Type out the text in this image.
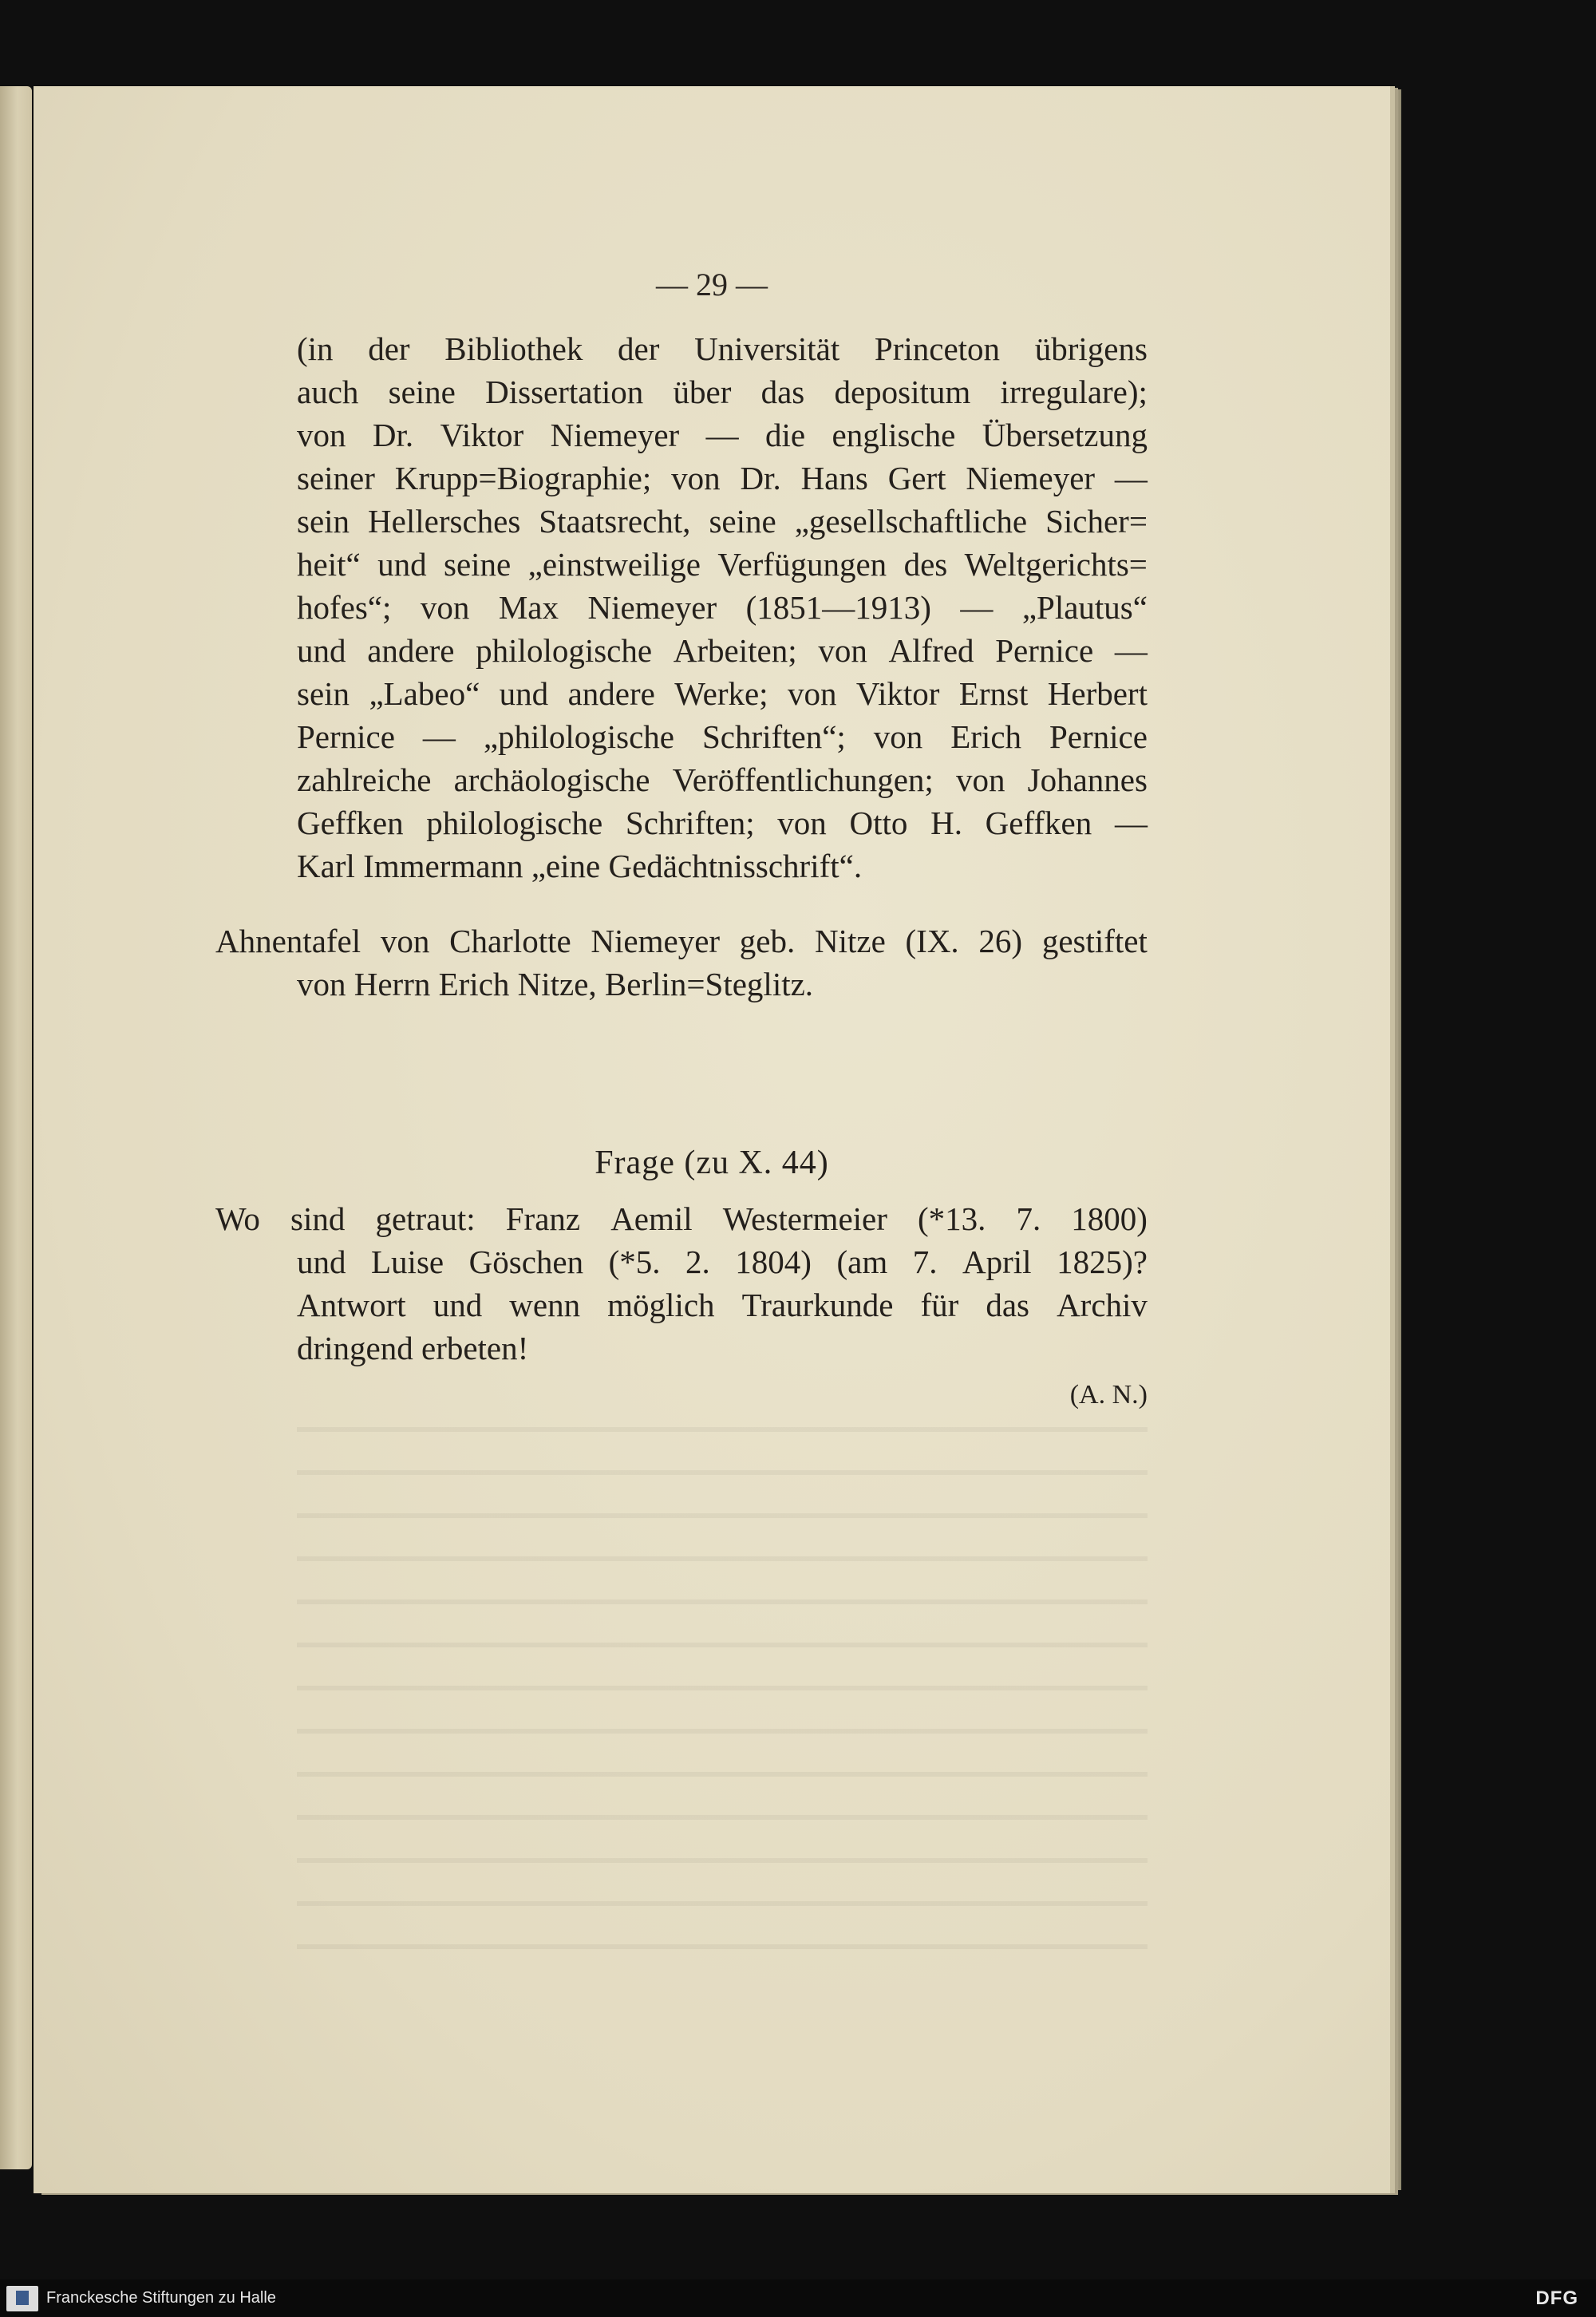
— 29 —
(in der Bibliothek der Universität Princeton übrigens
auch seine Dissertation über das depositum irregulare);
von Dr. Viktor Niemeyer — die englische Übersetzung
seiner Krupp=Biographie; von Dr. Hans Gert Niemeyer —
sein Hellersches Staatsrecht, seine „gesellschaftliche Sicher=
heit“ und seine „einstweilige Verfügungen des Weltgerichts=
hofes“; von Max Niemeyer (1851—1913) — „Plautus“
und andere philologische Arbeiten; von Alfred Pernice —
sein „Labeo“ und andere Werke; von Viktor Ernst Herbert
Pernice — „philologische Schriften“; von Erich Pernice
zahlreiche archäologische Veröffentlichungen; von Johannes
Geffken philologische Schriften; von Otto H. Geffken —
Karl Immermann „eine Gedächtnisschrift“.
Ahnentafel von Charlotte Niemeyer geb. Nitze (IX. 26) gestiftet
von Herrn Erich Nitze, Berlin=Steglitz.
Frage (zu X. 44)
Wo sind getraut: Franz Aemil Westermeier (*13. 7. 1800)
und Luise Göschen (*5. 2. 1804) (am 7. April 1825)?
Antwort und wenn möglich Traurkunde für das Archiv
dringend erbeten!
(A. N.)
Franckesche Stiftungen zu Halle	DFG
